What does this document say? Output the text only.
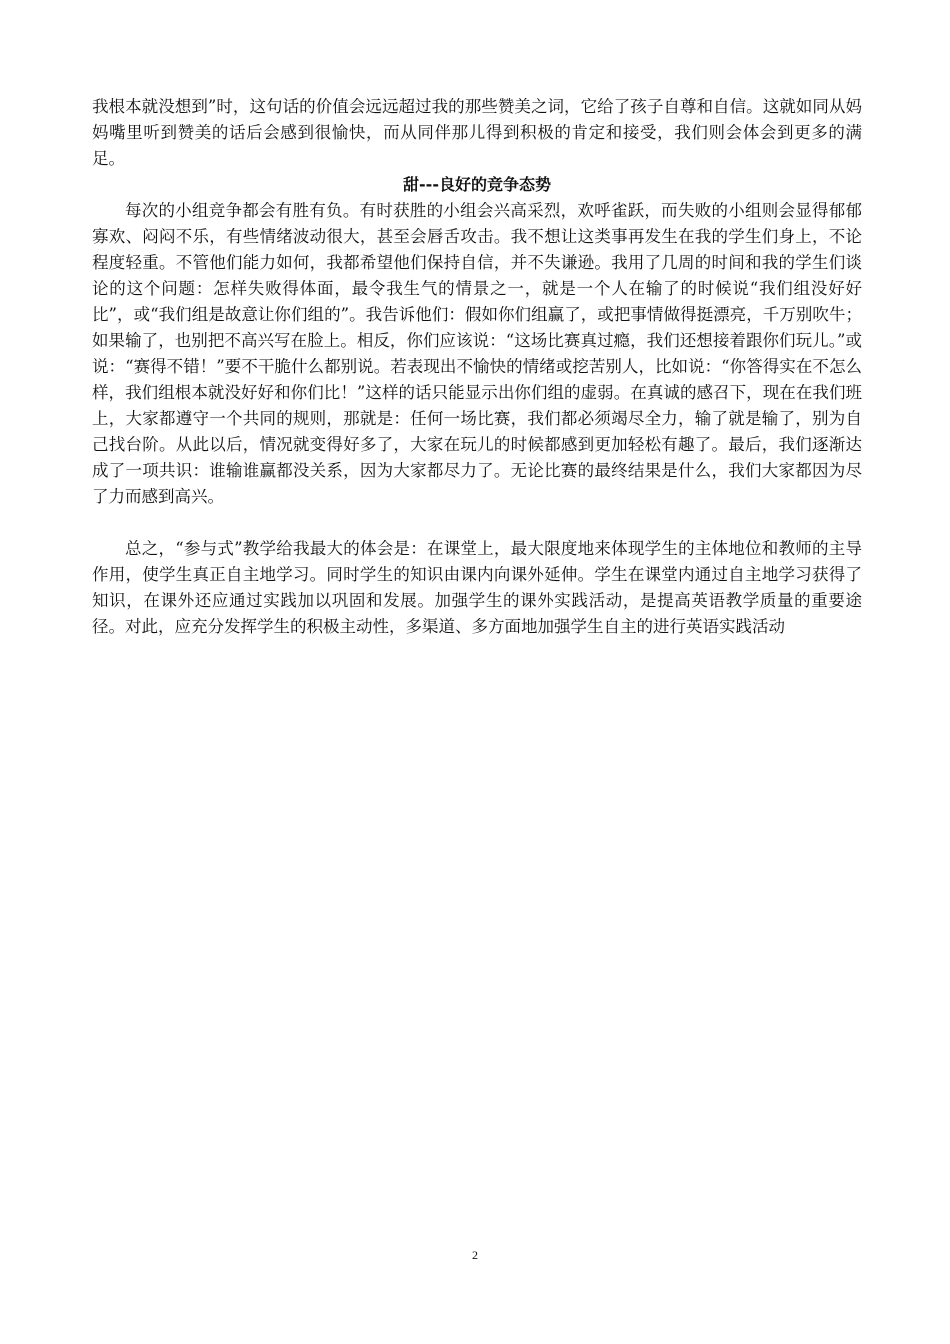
我根本就没想到”时，这句话的价值会远远超过我的那些赞美之词，它给了孩子自尊和自信。这就如同从妈妈嘴里听到赞美的话后会感到很愉快，而从同伴那儿得到积极的肯定和接受，我们则会体会到更多的满足。

甜---良好的竞争态势

每次的小组竞争都会有胜有负。有时获胜的小组会兴高采烈，欢呼雀跃，而失败的小组则会显得郁郁寡欢、闷闷不乐，有些情绪波动很大，甚至会唇舌攻击。我不想让这类事再发生在我的学生们身上，不论程度轻重。不管他们能力如何，我都希望他们保持自信，并不失谦逊。我用了几周的时间和我的学生们谈论的这个问题：怎样失败得体面，最令我生气的情景之一，就是一个人在输了的时候说“我们组没好好比”，或“我们组是故意让你们组的”。我告诉他们：假如你们组赢了，或把事情做得挺漂亮，千万别吹牛；如果输了，也别把不高兴写在脸上。相反，你们应该说：“这场比赛真过瘾，我们还想接着跟你们玩儿。”或说：“赛得不错！”要不干脆什么都别说。若表现出不愉快的情绪或挖苦别人，比如说：“你答得实在不怎么样，我们组根本就没好好和你们比！”这样的话只能显示出你们组的虚弱。在真诚的感召下，现在在我们班上，大家都遵守一个共同的规则，那就是：任何一场比赛，我们都必须竭尽全力，输了就是输了，别为自己找台阶。从此以后，情况就变得好多了，大家在玩儿的时候都感到更加轻松有趣了。最后，我们逐渐达成了一项共识：谁输谁赢都没关系，因为大家都尽力了。无论比赛的最终结果是什么，我们大家都因为尽了力而感到高兴。

总之，“参与式”教学给我最大的体会是：在课堂上，最大限度地来体现学生的主体地位和教师的主导作用，使学生真正自主地学习。同时学生的知识由课内向课外延伸。学生在课堂内通过自主地学习获得了知识，在课外还应通过实践加以巩固和发展。加强学生的课外实践活动，是提高英语教学质量的重要途径。对此，应充分发挥学生的积极主动性，多渠道、多方面地加强学生自主的进行英语实践活动

2
